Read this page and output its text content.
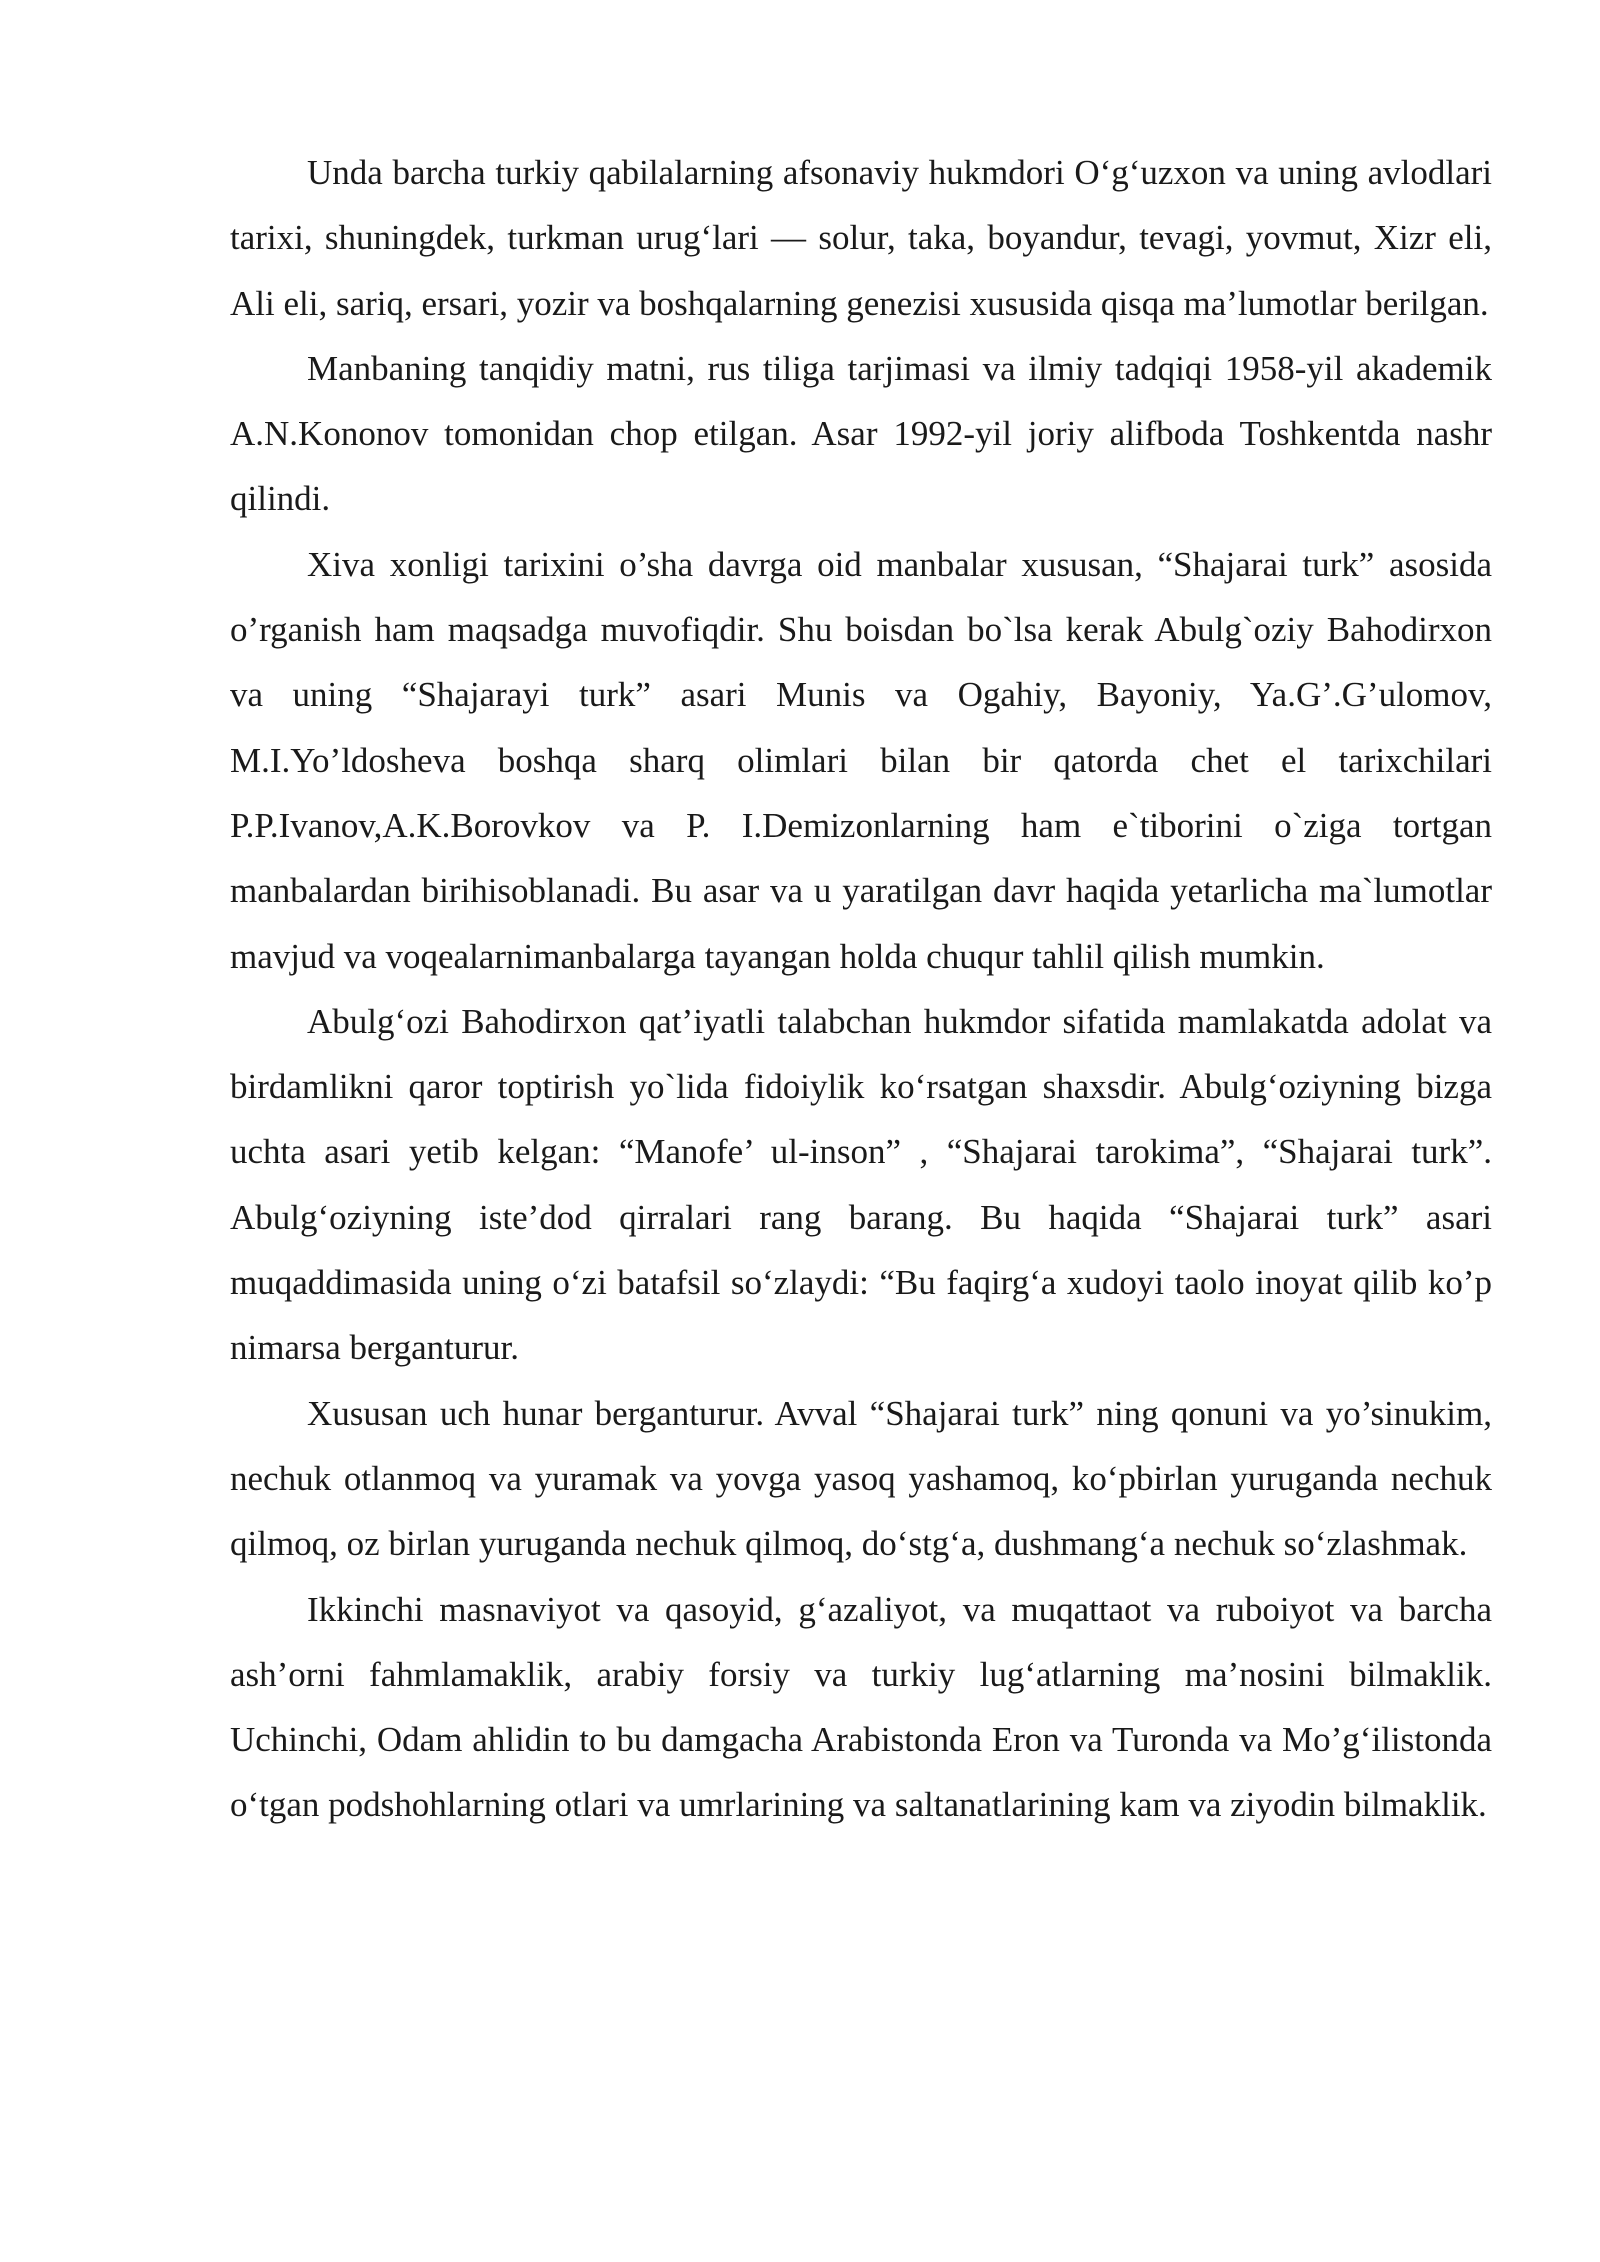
Unda barcha turkiy qabilalarning afsonaviy hukmdori O‘g‘uzxon va uning avlodlari tarixi, shuningdek, turkman urug‘lari — solur, taka, boyandur, tevagi, yovmut, Xizr eli, Ali eli, sariq, ersari, yozir va boshqalarning genezisi xususida qisqa ma’lumotlar berilgan.

Manbaning tanqidiy matni, rus tiliga tarjimasi va ilmiy tadqiqi 1958-yil akademik A.N.Kononov tomonidan chop etilgan. Asar 1992-yil joriy alifboda Toshkentda nashr qilindi.

Xiva xonligi tarixini o’sha davrga oid manbalar xususan, “Shajarai turk” asosida o’rganish ham maqsadga muvofiqdir. Shu boisdan bo`lsa kerak Abulg`oziy Bahodirxon va uning “Shajarayi turk” asari Munis va Ogahiy, Bayoniy, Ya.G’.G’ulomov, M.I.Yo’ldosheva boshqa sharq olimlari bilan bir qatorda chet el tarixchilari P.P.Ivanov,A.K.Borovkov va P. I.Demizonlarning ham e`tiborini o`ziga tortgan manbalardan birihisoblanadi. Bu asar va u yaratilgan davr haqida yetarlicha ma`lumotlar mavjud va voqealarnimanbalarga tayangan holda chuqur tahlil qilish mumkin.

Abulg‘ozi Bahodirxon qat’iyatli talabchan hukmdor sifatida mamlakatda adolat va birdamlikni qaror toptirish yo`lida fidoiylik ko‘rsatgan shaxsdir. Abulg‘oziyning bizga uchta asari yetib kelgan: “Manofe’ ul-inson” , “Shajarai tarokima”, “Shajarai turk”. Abulg‘oziyning iste’dod qirralari rang barang. Bu haqida “Shajarai turk” asari muqaddimasida uning o‘zi batafsil so‘zlaydi: “Bu faqirg‘a xudoyi taolo inoyat qilib ko’p nimarsa berganturur.

Xususan uch hunar berganturur. Avval “Shajarai turk” ning qonuni va yo’sinukim, nechuk otlanmoq va yuramak va yovga yasoq yashamoq, ko‘pbirlan yuruganda nechuk qilmoq, oz birlan yuruganda nechuk qilmoq, do‘stg‘a, dushmang‘a nechuk so‘zlashmak.

Ikkinchi masnaviyot va qasoyid, g‘azaliyot, va muqattaot va ruboiyot va barcha ash’orni fahmlamaklik, arabiy forsiy va turkiy lug‘atlarning ma’nosini bilmaklik. Uchinchi, Odam ahlidin to bu damgacha Arabistonda Eron va Turonda va Mo’g‘ilistonda o‘tgan podshohlarning otlari va umrlarining va saltanatlarining kam va ziyodin bilmaklik.
